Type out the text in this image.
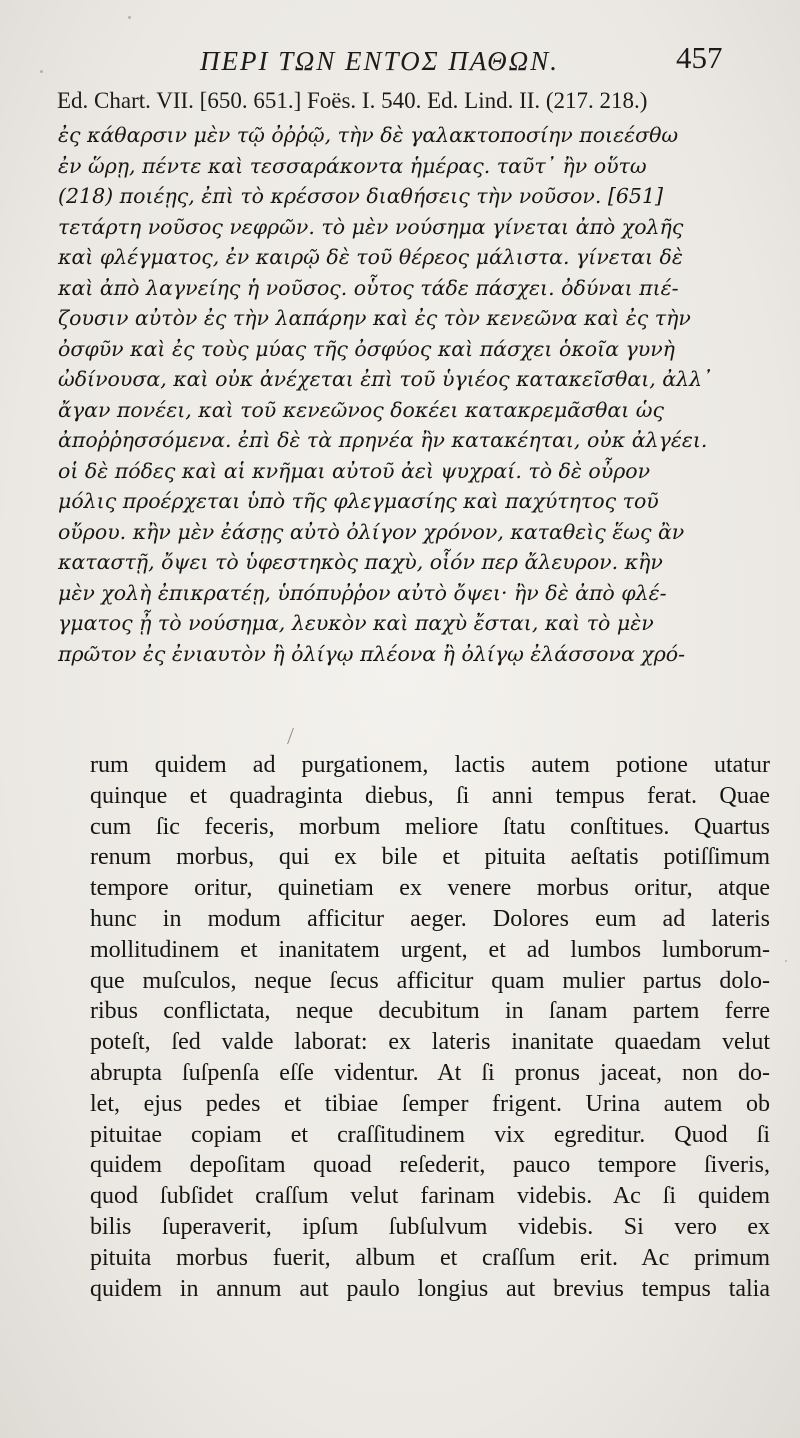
ΠΕΡΙ ΤΩΝ ΕΝΤΟΣ ΠΑΘΩΝ.	457
Ed. Chart. VII. [650. 651.] Foës. I. 540. Ed. Lind. II. (217. 218.)
ἐς κάθαρσιν μὲν τῷ ὀῤῥῷ, τὴν δὲ γαλακτοποσίην ποιεέσθω
ἐν ὥρῃ, πέντε καὶ τεσσαράκοντα ἡμέρας. ταῦτ᾽ ἢν οὕτω
(218) ποιέῃς, ἐπὶ τὸ κρέσσον διαθήσεις τὴν νοῦσον. [651]
τετάρτη νοῦσος νεφρῶν. τὸ μὲν νούσημα γίνεται ἀπὸ χολῆς
καὶ φλέγματος, ἐν καιρῷ δὲ τοῦ θέρεος μάλιστα. γίνεται δὲ
καὶ ἀπὸ λαγνείης ἡ νοῦσος. οὗτος τάδε πάσχει. ὀδύναι πιέ-
ζουσιν αὐτὸν ἐς τὴν λαπάρην καὶ ἐς τὸν κενεῶνα καὶ ἐς τὴν
ὀσφῦν καὶ ἐς τοὺς μύας τῆς ὀσφύος καὶ πάσχει ὁκοῖα γυνὴ
ὠδίνουσα, καὶ οὐκ ἀνέχεται ἐπὶ τοῦ ὑγιέος κατακεῖσθαι, ἀλλ᾽
ἄγαν πονέει, καὶ τοῦ κενεῶνος δοκέει κατακρεμᾶσθαι ὡς
ἀποῤῥησσόμενα. ἐπὶ δὲ τὰ πρηνέα ἢν κατακέηται, οὐκ ἀλγέει.
οἱ δὲ πόδες καὶ αἱ κνῆμαι αὐτοῦ ἀεὶ ψυχραί. τὸ δὲ οὖρον
μόλις προέρχεται ὑπὸ τῆς φλεγμασίης καὶ παχύτητος τοῦ
οὔρου. κἢν μὲν ἐάσῃς αὐτὸ ὀλίγον χρόνον, καταθεὶς ἕως ἂν
καταστῇ, ὄψει τὸ ὑφεστηκὸς παχὺ, οἷόν περ ἄλευρον. κἢν
μὲν χολὴ ἐπικρατέῃ, ὑπόπυῤῥον αὐτὸ ὄψει· ἢν δὲ ἀπὸ φλέ-
γματος ᾖ τὸ νούσημα, λευκὸν καὶ παχὺ ἔσται, καὶ τὸ μὲν
πρῶτον ἐς ἐνιαυτὸν ἢ ὀλίγῳ πλέονα ἢ ὀλίγῳ ἐλάσσονα χρό-
rum quidem ad purgationem, lactis autem potione utatur
quinque et quadraginta diebus, ſi anni tempus ferat. Quae
cum ſic feceris, morbum meliore ſtatu conſtitues. Quartus
renum morbus, qui ex bile et pituita aeſtatis potiſſimum
tempore oritur, quinetiam ex venere morbus oritur, atque
hunc in modum afficitur aeger. Dolores eum ad lateris
mollitudinem et inanitatem urgent, et ad lumbos lumborum-
que muſculos, neque ſecus afficitur quam mulier partus dolo-
ribus conflictata, neque decubitum in ſanam partem ferre
poteſt, ſed valde laborat: ex lateris inanitate quaedam velut
abrupta ſuſpenſa eſſe videntur. At ſi pronus jaceat, non do-
let, ejus pedes et tibiae ſemper frigent. Urina autem ob
pituitae copiam et craſſitudinem vix egreditur. Quod ſi
quidem depoſitam quoad reſederit, pauco tempore ſiveris,
quod ſubſidet craſſum velut farinam videbis. Ac ſi quidem
bilis ſuperaverit, ipſum ſubſulvum videbis. Si vero ex
pituita morbus fuerit, album et craſſum erit. Ac primum
quidem in annum aut paulo longius aut brevius tempus talia
